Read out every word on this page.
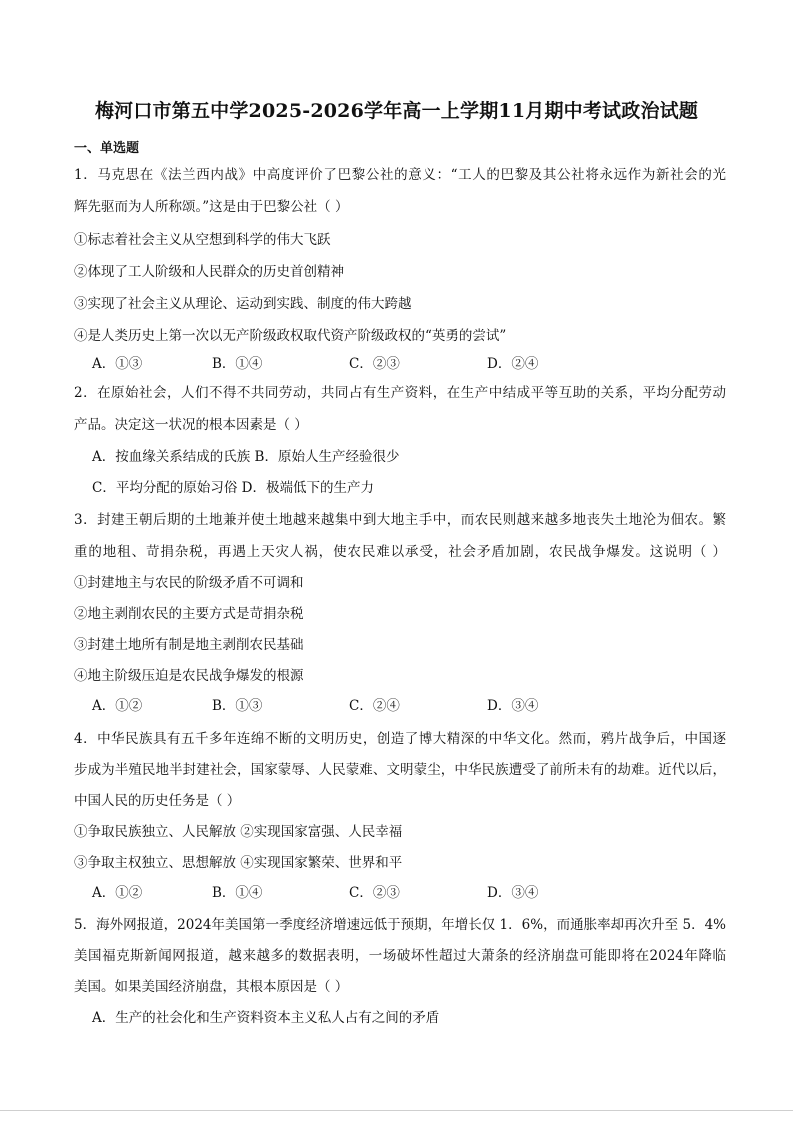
梅河口市第五中学2025-2026学年高一上学期11月期中考试政治试题
一、单选题
1．马克思在《法兰西内战》中高度评价了巴黎公社的意义：“工人的巴黎及其公社将永远作为新社会的光
辉先驱而为人所称颂。”这是由于巴黎公社（ ）
①标志着社会主义从空想到科学的伟大飞跃
②体现了工人阶级和人民群众的历史首创精神
③实现了社会主义从理论、运动到实践、制度的伟大跨越
④是人类历史上第一次以无产阶级政权取代资产阶级政权的“英勇的尝试”
A．①③	B．①④	C．②③	D．②④
2．在原始社会，人们不得不共同劳动，共同占有生产资料，在生产中结成平等互助的关系，平均分配劳动
产品。决定这一状况的根本因素是（ ）
A．按血缘关系结成的氏族 B．原始人生产经验很少
C．平均分配的原始习俗 D．极端低下的生产力
3．封建王朝后期的土地兼并使土地越来越集中到大地主手中，而农民则越来越多地丧失土地沦为佃农。繁
重的地租、苛捐杂税，再遇上天灾人祸，使农民难以承受，社会矛盾加剧，农民战争爆发。这说明（ ）
①封建地主与农民的阶级矛盾不可调和
②地主剥削农民的主要方式是苛捐杂税
③封建土地所有制是地主剥削农民基础
④地主阶级压迫是农民战争爆发的根源
A．①②	B．①③	C．②④	D．③④
4．中华民族具有五千多年连绵不断的文明历史，创造了博大精深的中华文化。然而，鸦片战争后，中国逐
步成为半殖民地半封建社会，国家蒙辱、人民蒙难、文明蒙尘，中华民族遭受了前所未有的劫难。近代以后，
中国人民的历史任务是（ ）
①争取民族独立、人民解放 ②实现国家富强、人民幸福
③争取主权独立、思想解放 ④实现国家繁荣、世界和平
A．①②	B．①④	C．②③	D．③④
5．海外网报道，2024年美国第一季度经济增速远低于预期，年增长仅 1．6%，而通胀率却再次升至 5．4%
美国福克斯新闻网报道，越来越多的数据表明，一场破坏性超过大萧条的经济崩盘可能即将在2024年降临
美国。如果美国经济崩盘，其根本原因是（ ）
A．生产的社会化和生产资料资本主义私人占有之间的矛盾
